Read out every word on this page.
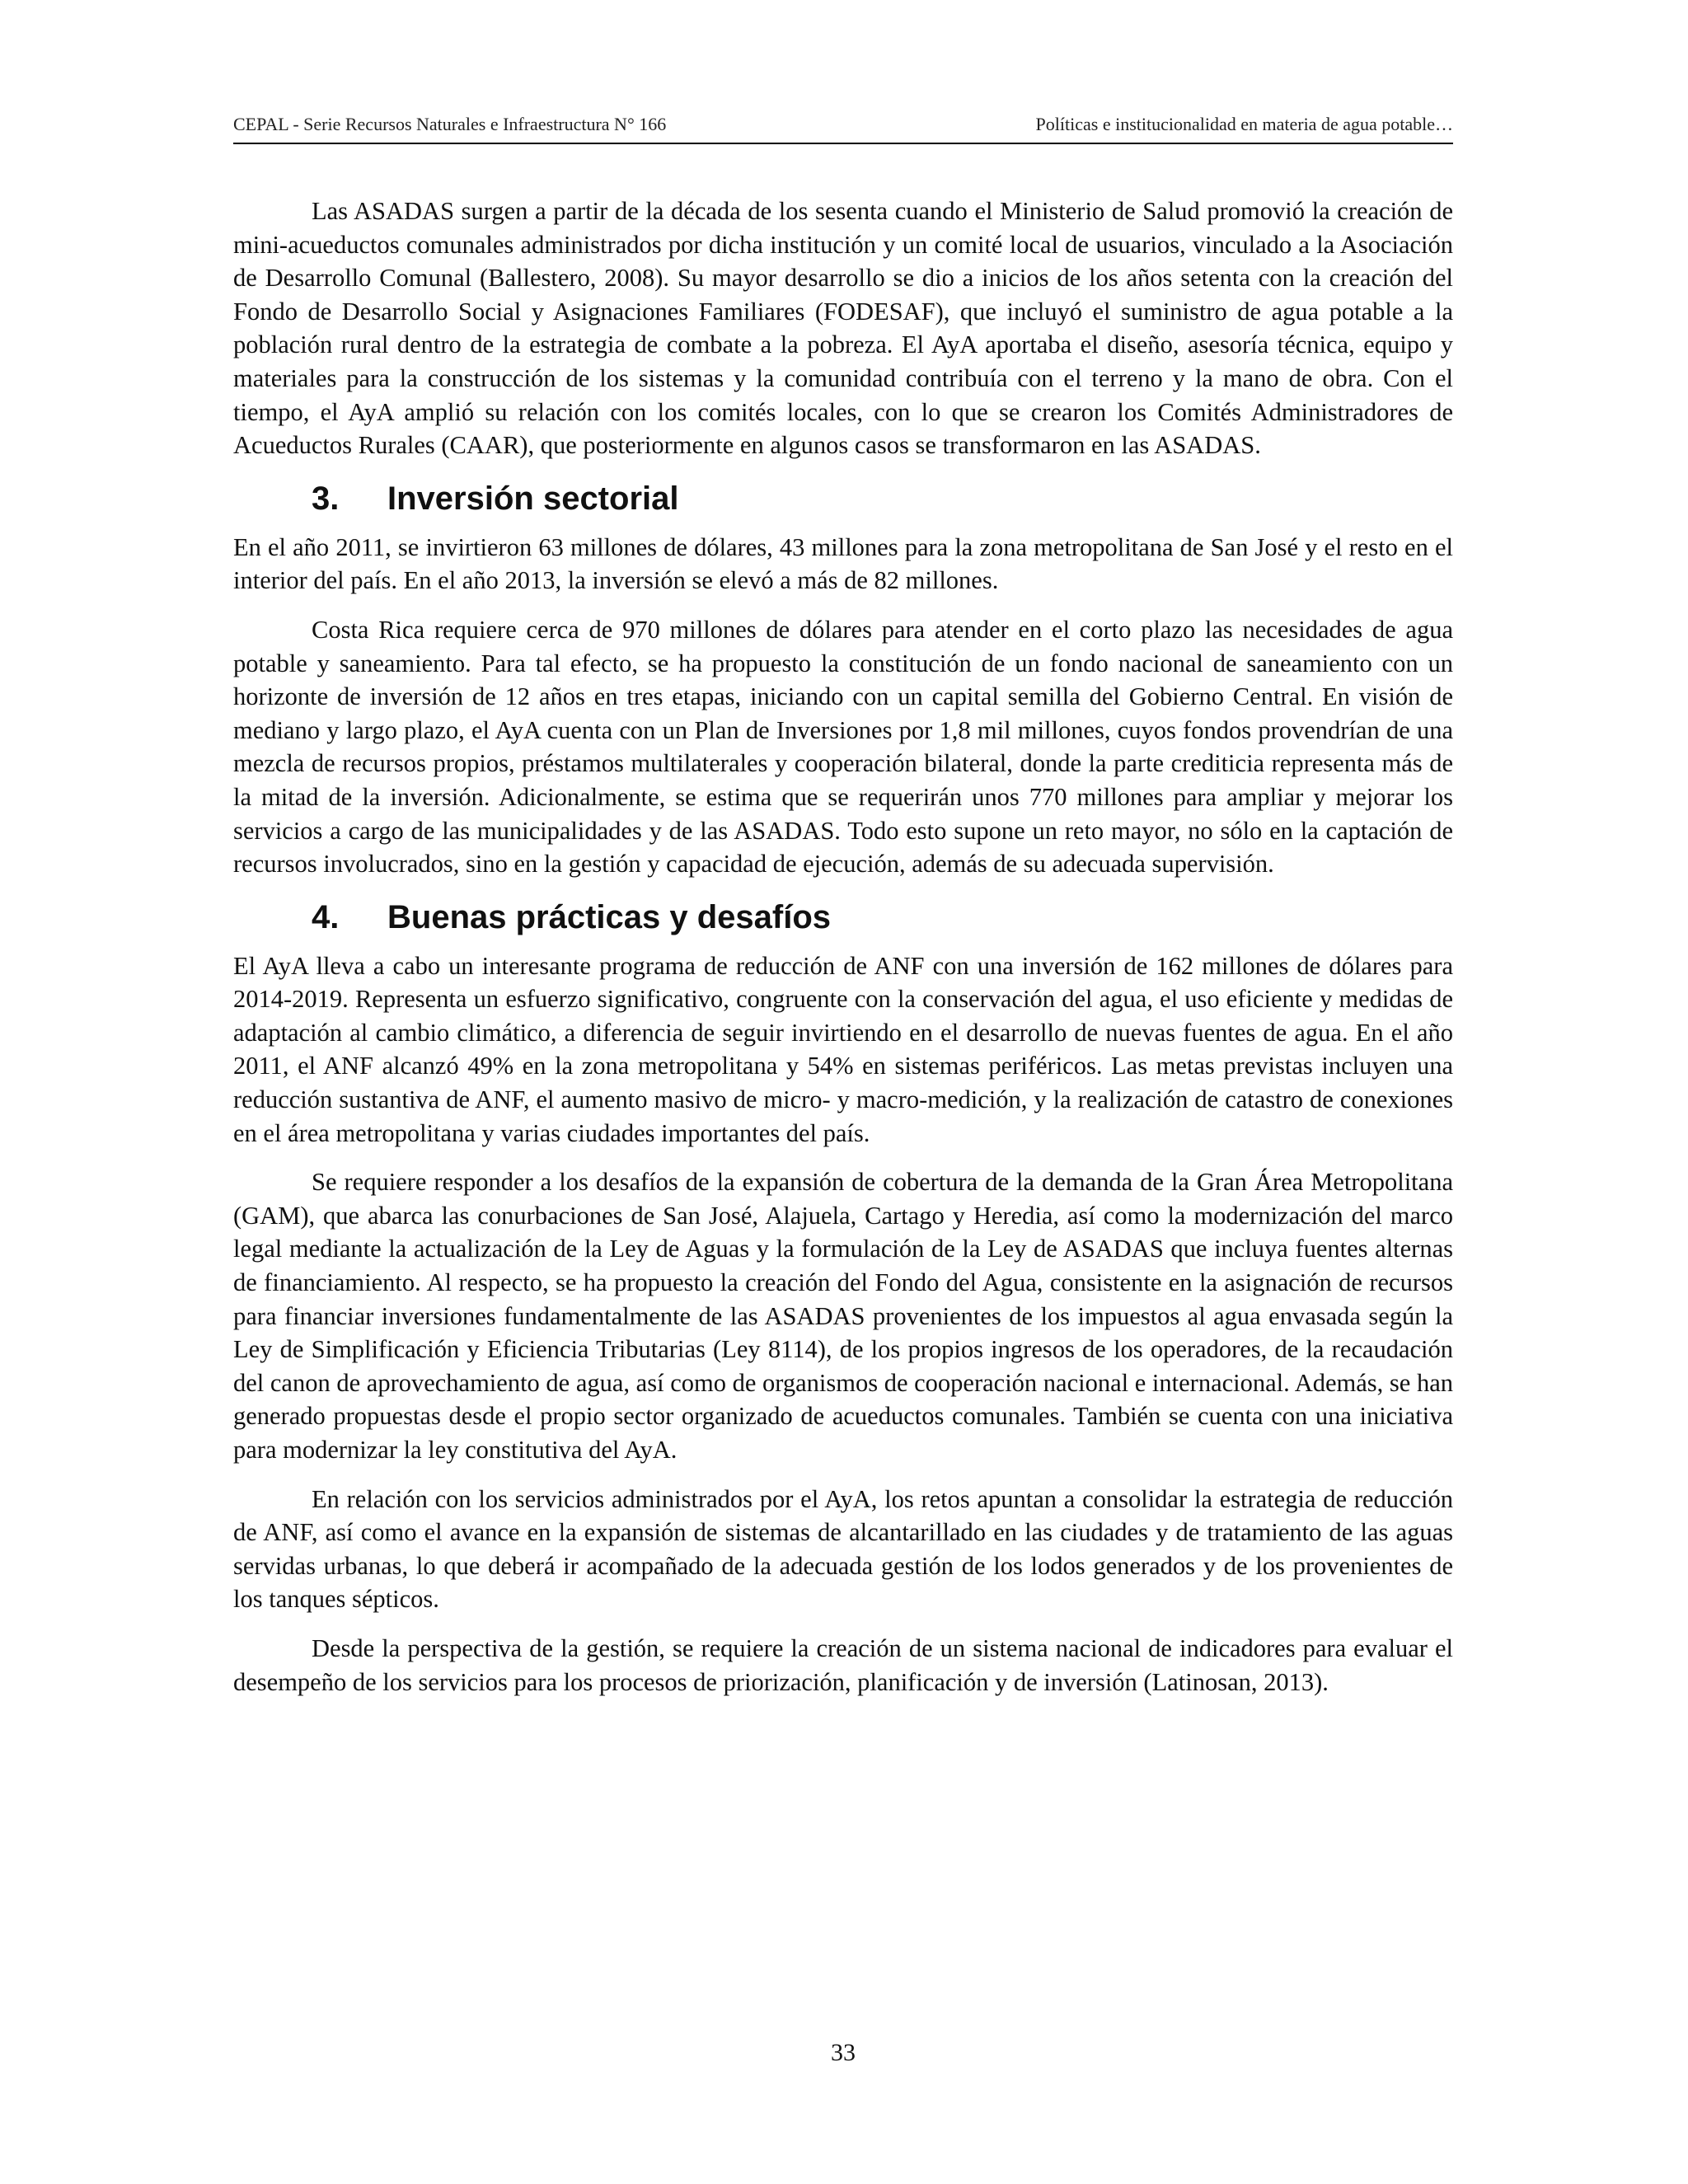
CEPAL - Serie Recursos Naturales e Infraestructura N° 166	Políticas e institucionalidad en materia de agua potable…

Las ASADAS surgen a partir de la década de los sesenta cuando el Ministerio de Salud promovió la creación de mini-acueductos comunales administrados por dicha institución y un comité local de usuarios, vinculado a la Asociación de Desarrollo Comunal (Ballestero, 2008). Su mayor desarrollo se dio a inicios de los años setenta con la creación del Fondo de Desarrollo Social y Asignaciones Familiares (FODESAF), que incluyó el suministro de agua potable a la población rural dentro de la estrategia de combate a la pobreza. El AyA aportaba el diseño, asesoría técnica, equipo y materiales para la construcción de los sistemas y la comunidad contribuía con el terreno y la mano de obra. Con el tiempo, el AyA amplió su relación con los comités locales, con lo que se crearon los Comités Administradores de Acueductos Rurales (CAAR), que posteriormente en algunos casos se transformaron en las ASADAS.

3. Inversión sectorial

En el año 2011, se invirtieron 63 millones de dólares, 43 millones para la zona metropolitana de San José y el resto en el interior del país. En el año 2013, la inversión se elevó a más de 82 millones.

Costa Rica requiere cerca de 970 millones de dólares para atender en el corto plazo las necesidades de agua potable y saneamiento. Para tal efecto, se ha propuesto la constitución de un fondo nacional de saneamiento con un horizonte de inversión de 12 años en tres etapas, iniciando con un capital semilla del Gobierno Central. En visión de mediano y largo plazo, el AyA cuenta con un Plan de Inversiones por 1,8 mil millones, cuyos fondos provendrían de una mezcla de recursos propios, préstamos multilaterales y cooperación bilateral, donde la parte crediticia representa más de la mitad de la inversión. Adicionalmente, se estima que se requerirán unos 770 millones para ampliar y mejorar los servicios a cargo de las municipalidades y de las ASADAS. Todo esto supone un reto mayor, no sólo en la captación de recursos involucrados, sino en la gestión y capacidad de ejecución, además de su adecuada supervisión.

4. Buenas prácticas y desafíos

El AyA lleva a cabo un interesante programa de reducción de ANF con una inversión de 162 millones de dólares para 2014-2019. Representa un esfuerzo significativo, congruente con la conservación del agua, el uso eficiente y medidas de adaptación al cambio climático, a diferencia de seguir invirtiendo en el desarrollo de nuevas fuentes de agua. En el año 2011, el ANF alcanzó 49% en la zona metropolitana y 54% en sistemas periféricos. Las metas previstas incluyen una reducción sustantiva de ANF, el aumento masivo de micro- y macro-medición, y la realización de catastro de conexiones en el área metropolitana y varias ciudades importantes del país.

Se requiere responder a los desafíos de la expansión de cobertura de la demanda de la Gran Área Metropolitana (GAM), que abarca las conurbaciones de San José, Alajuela, Cartago y Heredia, así como la modernización del marco legal mediante la actualización de la Ley de Aguas y la formulación de la Ley de ASADAS que incluya fuentes alternas de financiamiento. Al respecto, se ha propuesto la creación del Fondo del Agua, consistente en la asignación de recursos para financiar inversiones fundamentalmente de las ASADAS provenientes de los impuestos al agua envasada según la Ley de Simplificación y Eficiencia Tributarias (Ley 8114), de los propios ingresos de los operadores, de la recaudación del canon de aprovechamiento de agua, así como de organismos de cooperación nacional e internacional. Además, se han generado propuestas desde el propio sector organizado de acueductos comunales. También se cuenta con una iniciativa para modernizar la ley constitutiva del AyA.

En relación con los servicios administrados por el AyA, los retos apuntan a consolidar la estrategia de reducción de ANF, así como el avance en la expansión de sistemas de alcantarillado en las ciudades y de tratamiento de las aguas servidas urbanas, lo que deberá ir acompañado de la adecuada gestión de los lodos generados y de los provenientes de los tanques sépticos.

Desde la perspectiva de la gestión, se requiere la creación de un sistema nacional de indicadores para evaluar el desempeño de los servicios para los procesos de priorización, planificación y de inversión (Latinosan, 2013).

33
